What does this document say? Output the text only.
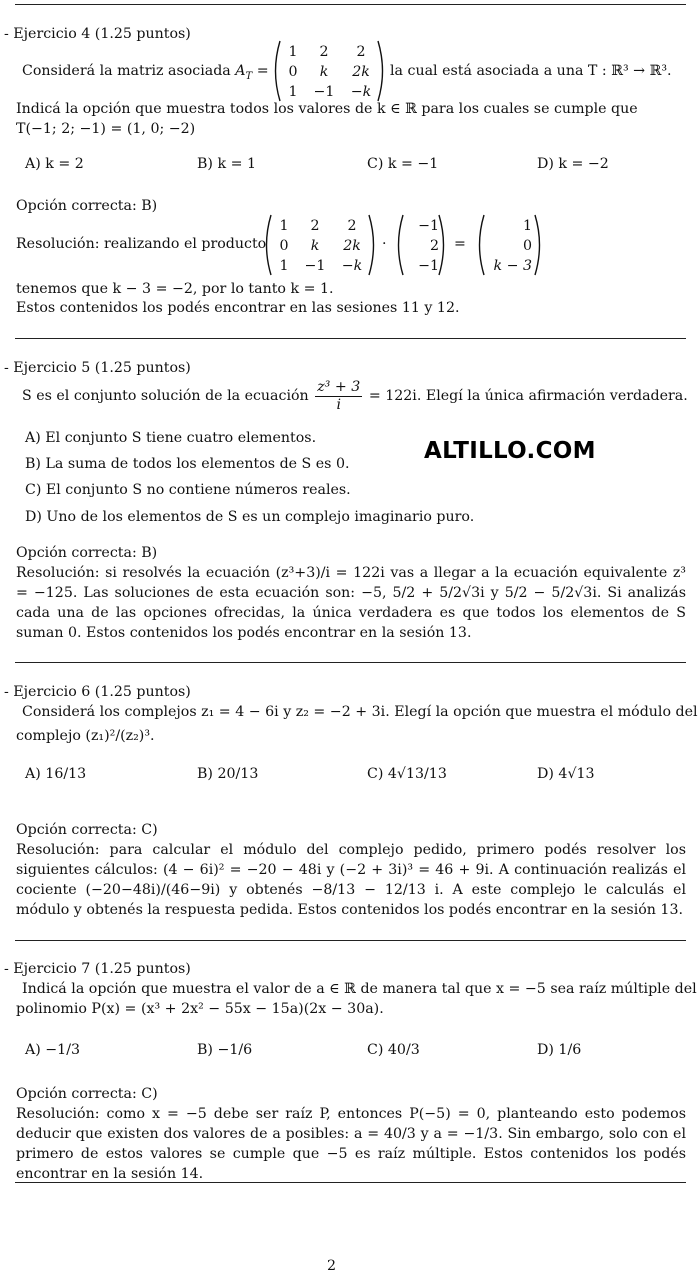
- Ejercicio 4 (1.25 puntos)
Considerá la matriz asociada $A_T$ =
1	2	2
0	k	2k
1	−1	−k
la cual está asociada a una T : ℝ³ → ℝ³.
Indicá la opción que muestra todos los valores de k ∈ ℝ para los cuales se cumple que
T(−1; 2; −1) = (1, 0; −2)
A) k = 2	B) k = 1	C) k = −1	D) k = −2
Opción correcta: B)
Resolución: realizando el producto
1	2	2
0	k	2k
1	−1	−k
·
−1
2
−1
=
1
0
k − 3
tenemos que k − 3 = −2, por lo tanto k = 1.
Estos contenidos los podés encontrar en las sesiones 11 y 12.
- Ejercicio 5 (1.25 puntos)
S es el conjunto solución de la ecuación $\frac{\text{z³ + 3}}{i} = 122i$. Elegí la única afirmación verdadera.
A) El conjunto S tiene cuatro elementos.
B) La suma de todos los elementos de S es 0.
C) El conjunto S no contiene números reales.
D) Uno de los elementos de S es un complejo imaginario puro.
ALTILLO.COM
Opción correcta: B)
Resolución: si resolvés la ecuación (z³+3)/i = 122i vas a llegar a la ecuación equivalente z³ = −125. Las soluciones de esta ecuación son: −5, 5/2 + 5/2√3i y 5/2 − 5/2√3i. Si analizás cada una de las opciones ofrecidas, la única verdadera es que todos los elementos de S suman 0. Estos contenidos los podés encontrar en la sesión 13.
- Ejercicio 6 (1.25 puntos)
Considerá los complejos z₁ = 4 − 6i y z₂ = −2 + 3i. Elegí la opción que muestra el módulo del
complejo (z₁)²/(z₂)³.
A) 16/13	B) 20/13	C) 4√13/13	D) 4√13
Opción correcta: C)
Resolución: para calcular el módulo del complejo pedido, primero podés resolver los siguientes cálculos: (4 − 6i)² = −20 − 48i y (−2 + 3i)³ = 46 + 9i. A continuación realizás el cociente (−20−48i)/(46−9i) y obtenés −8/13 − 12/13 i. A este complejo le calculás el módulo y obtenés la respuesta pedida. Estos contenidos los podés encontrar en la sesión 13.
- Ejercicio 7 (1.25 puntos)
Indicá la opción que muestra el valor de a ∈ ℝ de manera tal que x = −5 sea raíz múltiple del
polinomio P(x) = (x³ + 2x² − 55x − 15a)(2x − 30a).
A) −1/3	B) −1/6	C) 40/3	D) 1/6
Opción correcta: C)
Resolución: como x = −5 debe ser raíz P, entonces P(−5) = 0, planteando esto podemos deducir que existen dos valores de a posibles: a = 40/3 y a = −1/3. Sin embargo, solo con el primero de estos valores se cumple que −5 es raíz múltiple. Estos contenidos los podés encontrar en la sesión 14.
2
